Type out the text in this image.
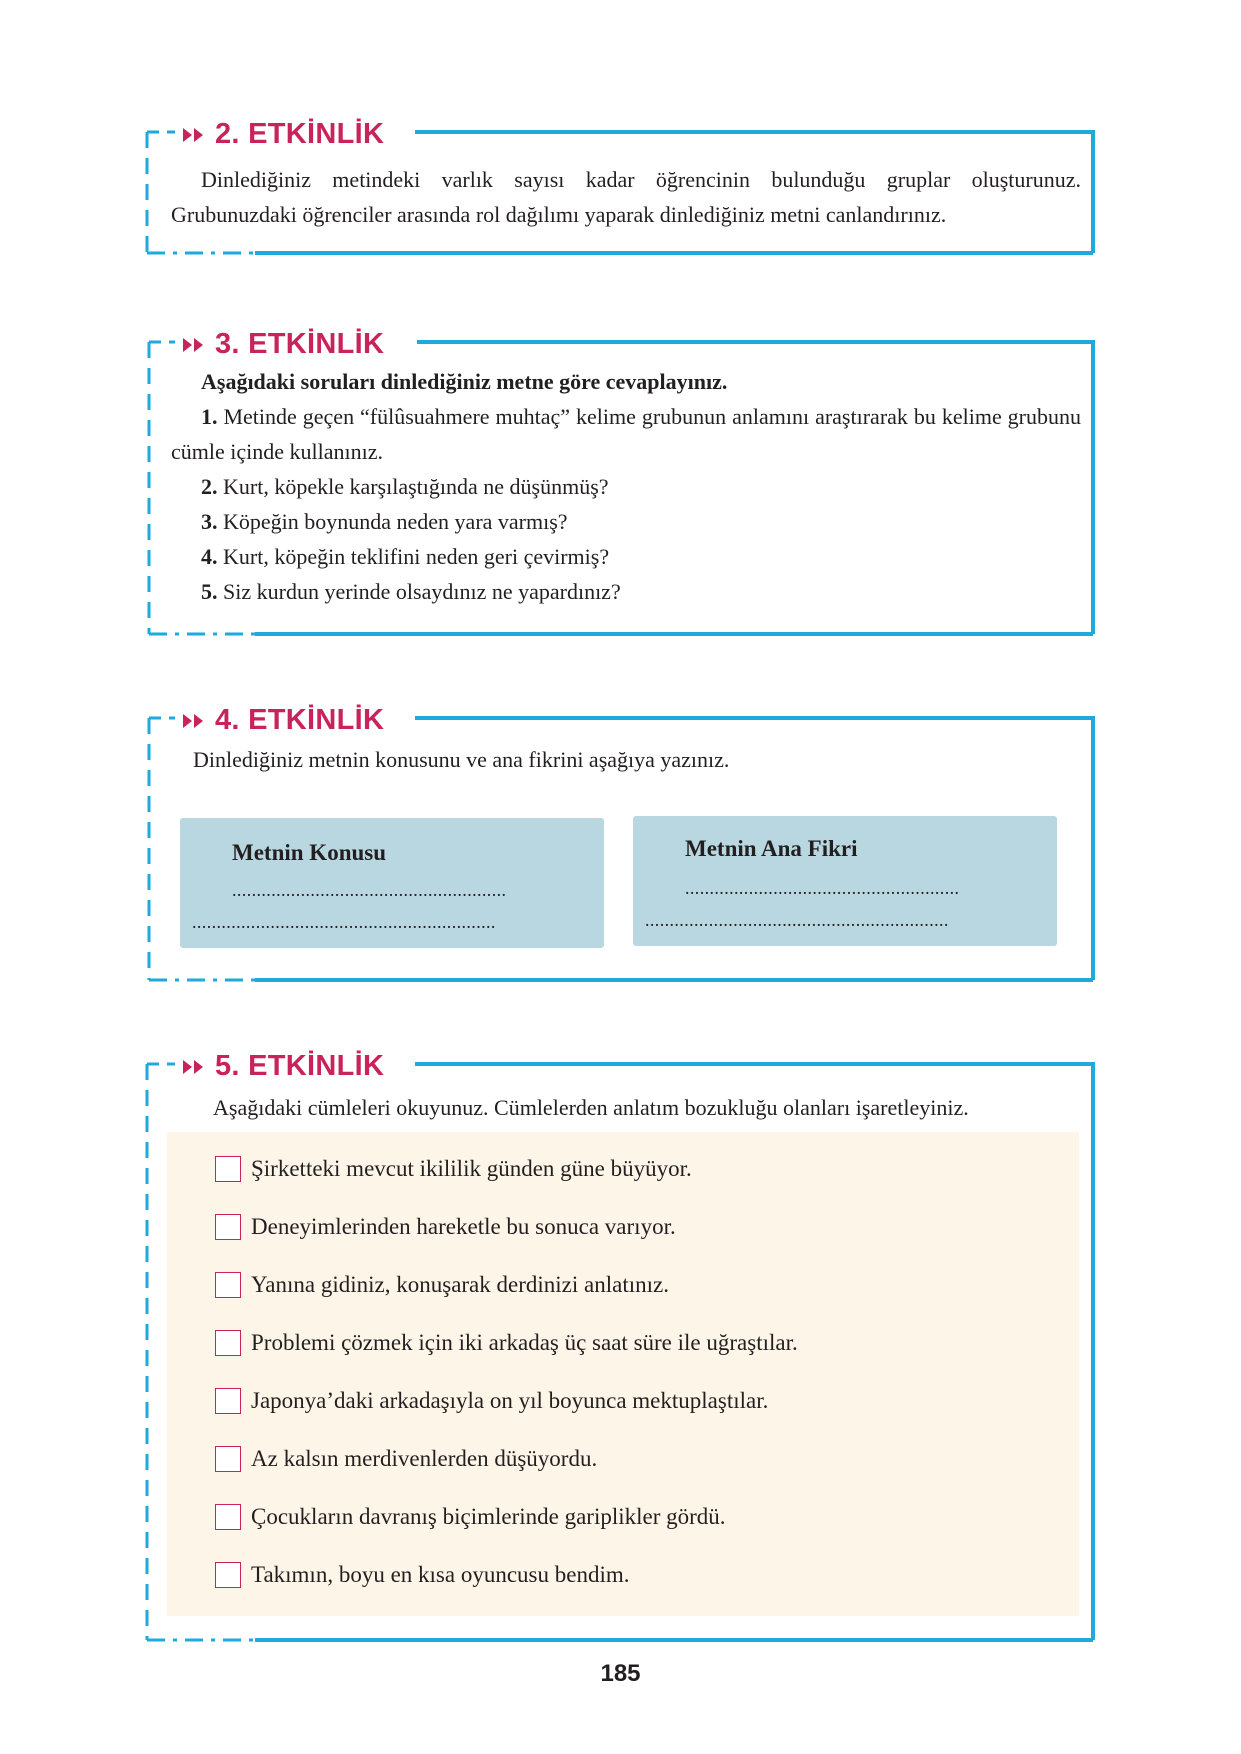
2. ETKİNLİK

Dinlediğiniz metindeki varlık sayısı kadar öğrencinin bulunduğu gruplar oluşturunuz. Grubunuzdaki öğrenciler arasında rol dağılımı yaparak dinlediğiniz metni canlandırınız.

3. ETKİNLİK

Aşağıdaki soruları dinlediğiniz metne göre cevaplayınız.

1. Metinde geçen “fülûsuahmere muhtaç” kelime grubunun anlamını araştırarak bu kelime grubunu cümle içinde kullanınız.

2. Kurt, köpekle karşılaştığında ne düşünmüş?

3. Köpeğin boynunda neden yara varmış?

4. Kurt, köpeğin teklifini neden geri çevirmiş?

5. Siz kurdun yerinde olsaydınız ne yapardınız?

4. ETKİNLİK
Dinlediğiniz metnin konusunu ve ana fikrini aşağıya yazınız.
Metnin Konusu
........................................................
..............................................................
Metnin Ana Fikri
........................................................
..............................................................
5. ETKİNLİK
Aşağıdaki cümleleri okuyunuz. Cümlelerden anlatım bozukluğu olanları işaretleyiniz.
Şirketteki mevcut ikililik günden güne büyüyor.
Deneyimlerinden hareketle bu sonuca varıyor.
Yanına gidiniz, konuşarak derdinizi anlatınız.
Problemi çözmek için iki arkadaş üç saat süre ile uğraştılar.
Japonya’daki arkadaşıyla on yıl boyunca mektuplaştılar.
Az kalsın merdivenlerden düşüyordu.
Çocukların davranış biçimlerinde gariplikler gördü.
Takımın, boyu en kısa oyuncusu bendim.
185
